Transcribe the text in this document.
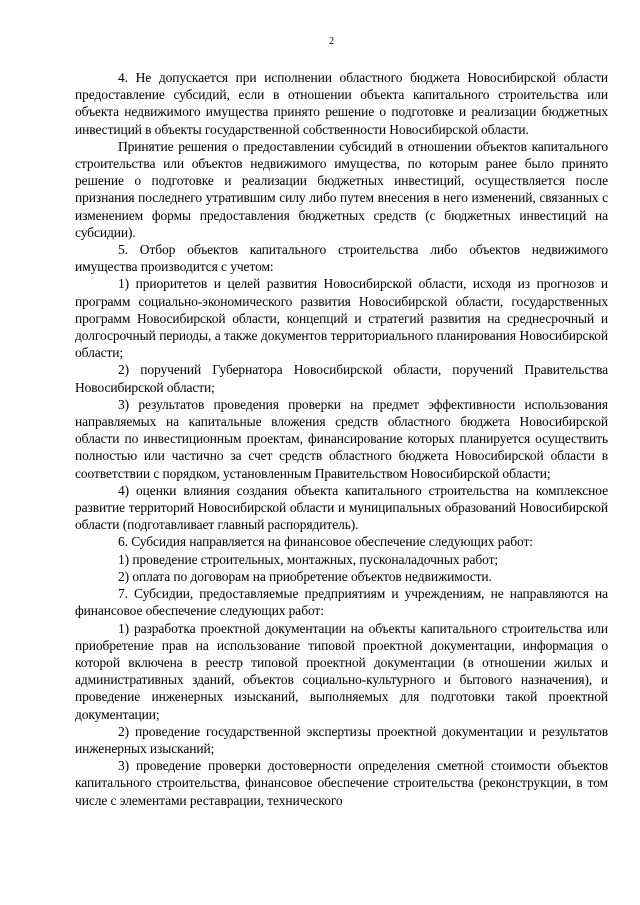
2

4. Не допускается при исполнении областного бюджета Новосибирской области предоставление субсидий, если в отношении объекта капитального строительства или объекта недвижимого имущества принято решение о подготовке и реализации бюджетных инвестиций в объекты государственной собственности Новосибирской области.

Принятие решения о предоставлении субсидий в отношении объектов капитального строительства или объектов недвижимого имущества, по которым ранее было принято решение о подготовке и реализации бюджетных инвестиций, осуществляется после признания последнего утратившим силу либо путем внесения в него изменений, связанных с изменением формы предоставления бюджетных средств (с бюджетных инвестиций на субсидии).

5. Отбор объектов капитального строительства либо объектов недвижимого имущества производится с учетом:

1) приоритетов и целей развития Новосибирской области, исходя из прогнозов и программ социально-экономического развития Новосибирской области, государственных программ Новосибирской области, концепций и стратегий развития на среднесрочный и долгосрочный периоды, а также документов территориального планирования Новосибирской области;

2) поручений Губернатора Новосибирской области, поручений Правительства Новосибирской области;

3) результатов проведения проверки на предмет эффективности использования направляемых на капитальные вложения средств областного бюджета Новосибирской области по инвестиционным проектам, финансирование которых планируется осуществить полностью или частично за счет средств областного бюджета Новосибирской области в соответствии с порядком, установленным Правительством Новосибирской области;

4) оценки влияния создания объекта капитального строительства на комплексное развитие территорий Новосибирской области и муниципальных образований Новосибирской области (подготавливает главный распорядитель).

6. Субсидия направляется на финансовое обеспечение следующих работ:

1) проведение строительных, монтажных, пусконаладочных работ;

2) оплата по договорам на приобретение объектов недвижимости.

7. Субсидии, предоставляемые предприятиям и учреждениям, не направляются на финансовое обеспечение следующих работ:

1) разработка проектной документации на объекты капитального строительства или приобретение прав на использование типовой проектной документации, информация о которой включена в реестр типовой проектной документации (в отношении жилых и административных зданий, объектов социально-культурного и бытового назначения), и проведение инженерных изысканий, выполняемых для подготовки такой проектной документации;

2) проведение государственной экспертизы проектной документации и результатов инженерных изысканий;

3) проведение проверки достоверности определения сметной стоимости объектов капитального строительства, финансовое обеспечение строительства (реконструкции, в том числе с элементами реставрации, технического
